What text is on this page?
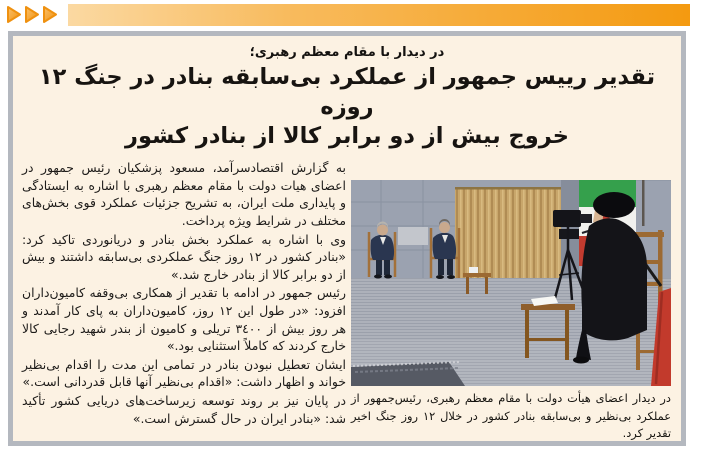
در دیدار با مقام معظم رهبری؛
تقدیر رییس جمهور از عملکرد بی‌سابقه بنادر در جنگ ۱۲ روزه
خروج بیش از دو برابر کالا از بنادر کشور

به گزارش اقتصادسرآمد، مسعود پزشکیان رئیس جمهور در اعضای هیات دولت با مقام معظم رهبری با اشاره به ایستادگی و پایداری ملت ایران، به تشریح جزئیات عملکرد قوی بخش‌های مختلف در شرایط ویژه پرداخت.

وی با اشاره به عملکرد بخش بنادر و دریانوردی تاکید کرد: «بنادر کشور در ۱۲ روز جنگ عملکردی بی‌سابقه داشتند و بیش از دو برابر کالا از بنادر خارج شد.»

رئیس جمهور در ادامه با تقدیر از همکاری بی‌وقفه کامیون‌داران افزود: «در طول این ۱۲ روز، کامیون‌داران به پای کار آمدند و هر روز بیش از ۳٤۰۰ تریلی و کامیون از بندر شهید رجایی کالا خارج کردند که کاملاً استثنایی بود.»

ایشان تعطیل نبودن بنادر در تمامی این مدت را اقدام بی‌نظیر خواند و اظهار داشت: «اقدام بی‌نظیر آنها قابل قدردانی است.»

در پایان نیز بر روند توسعه زیرساخت‌های دریایی کشور تأکید شد: «بنادر ایران در حال گسترش است.»

در دیدار اعضای هیأت دولت با مقام معظم رهبری، رئیس‌جمهور از عملکرد بی‌نظیر و بی‌سابقه بنادر کشور در خلال ۱۲ روز جنگ اخیر تقدیر کرد.
